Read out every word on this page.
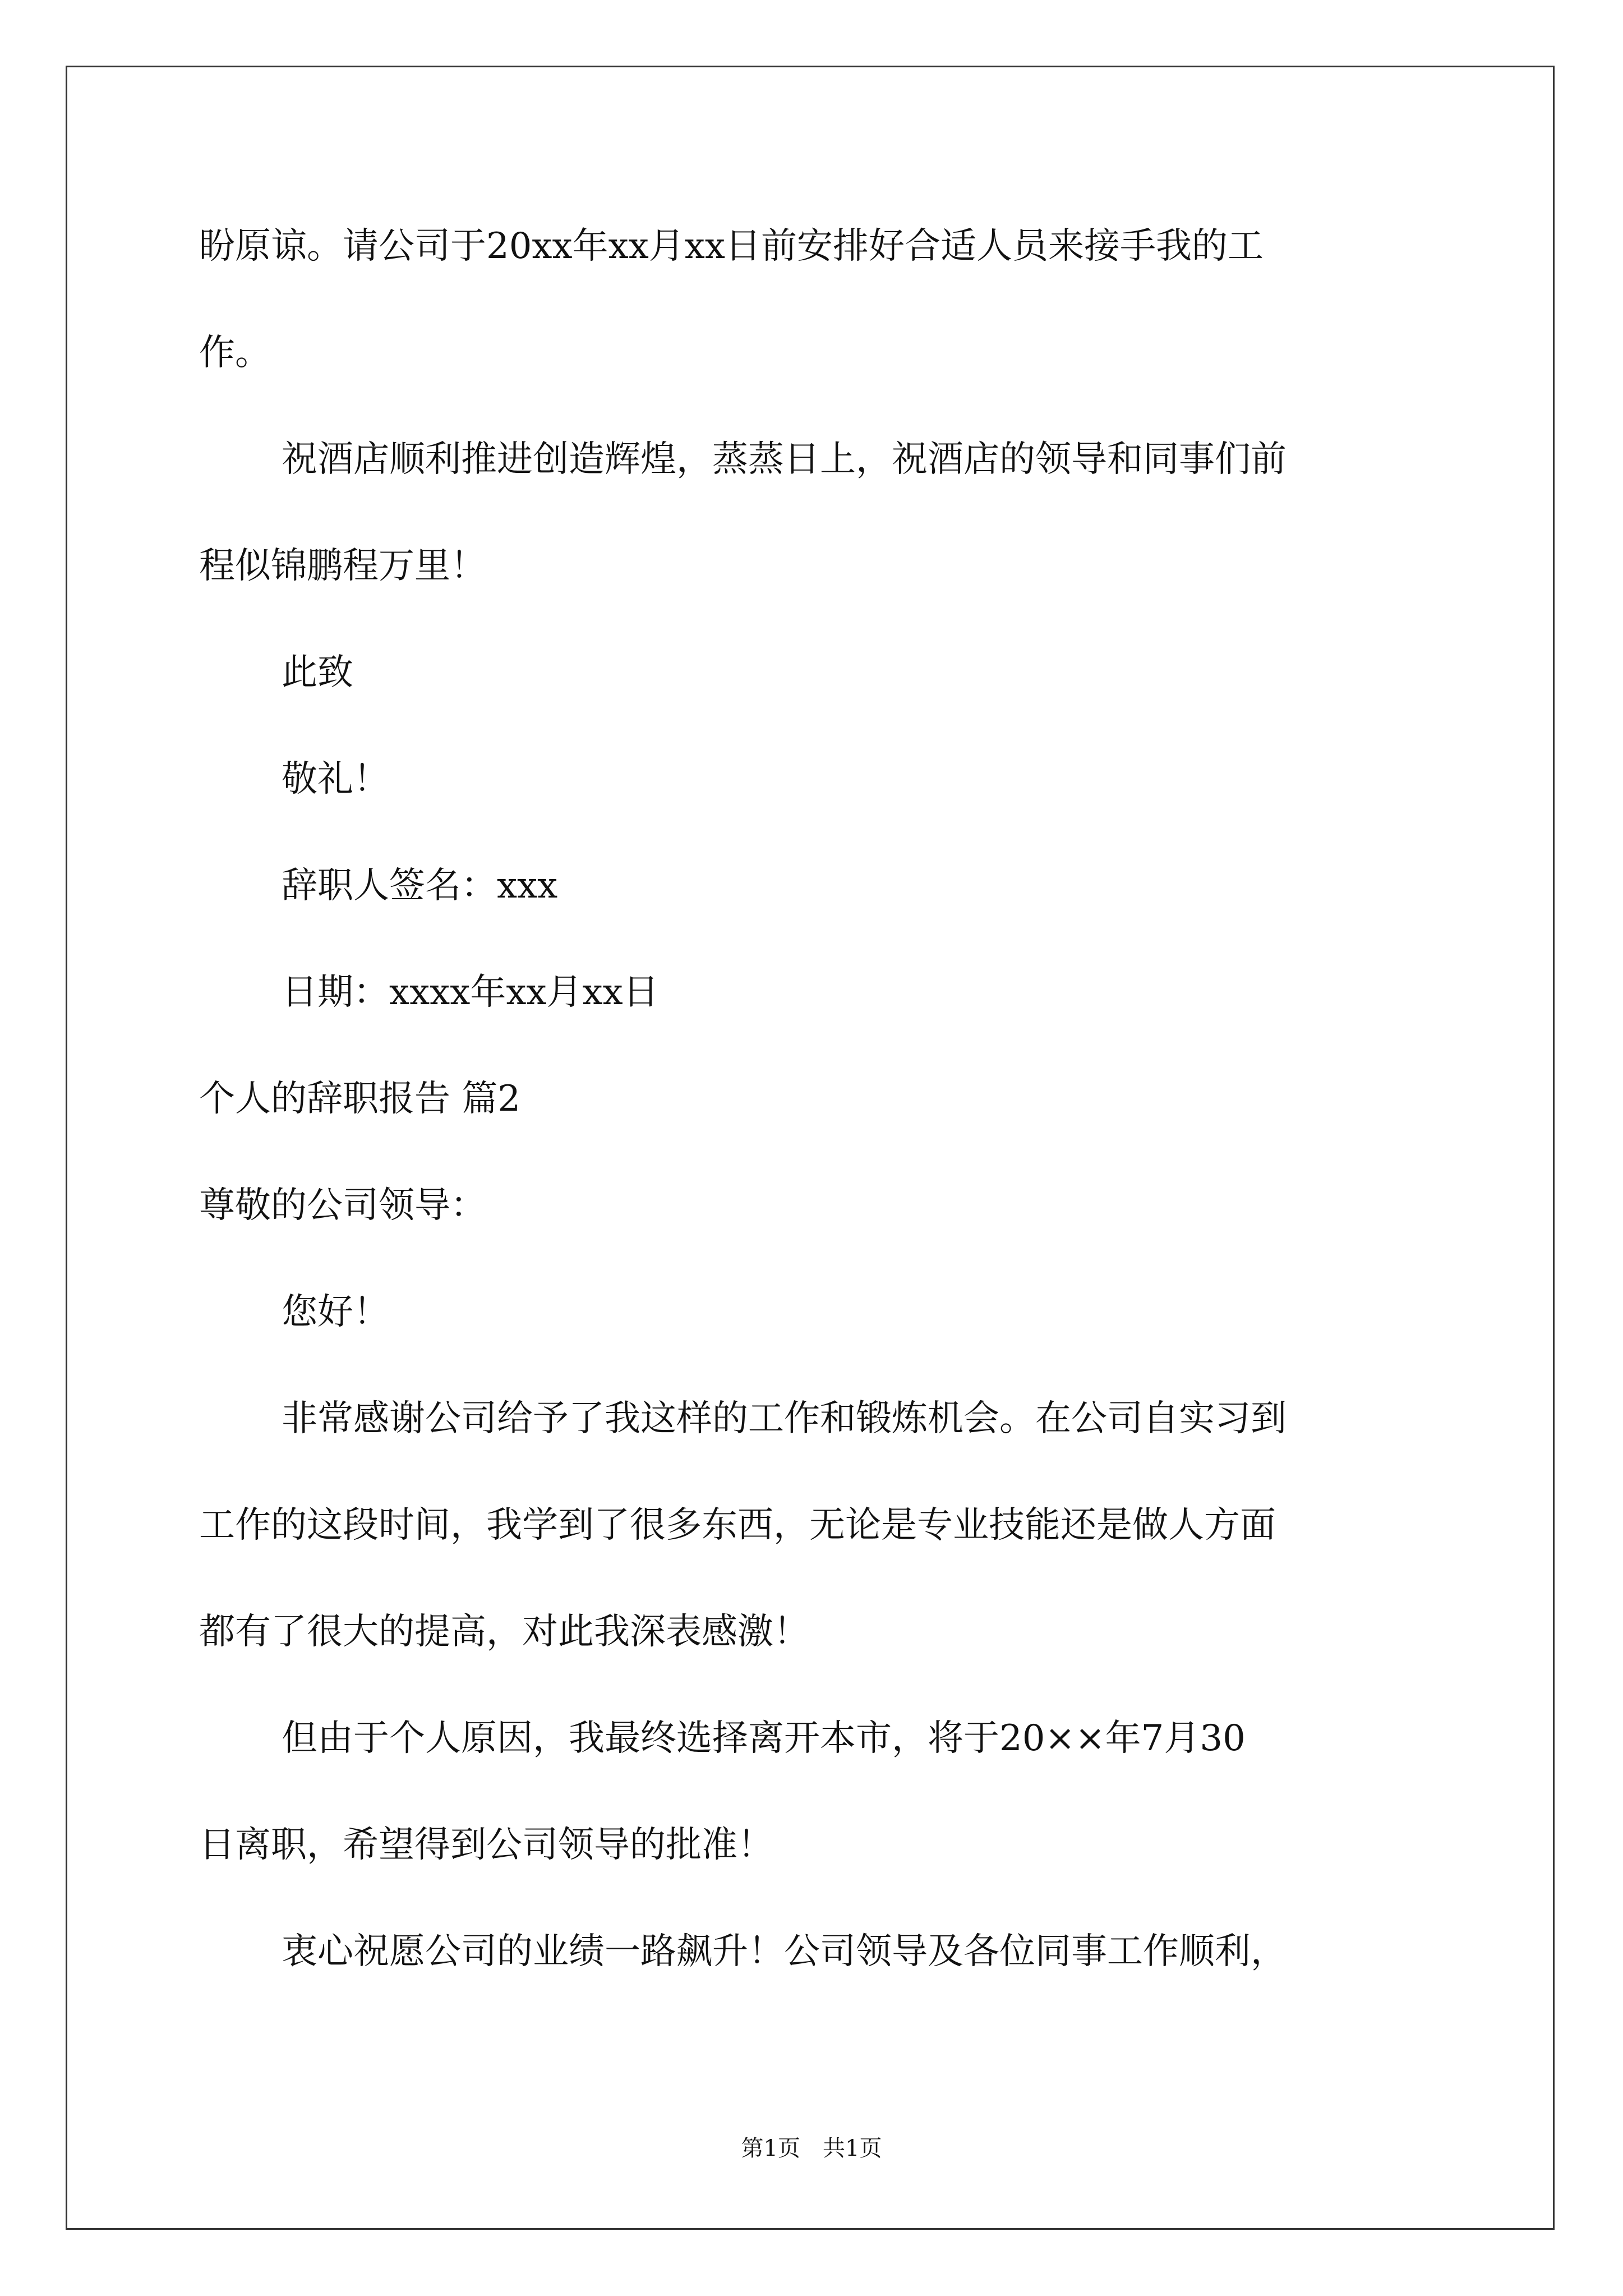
盼原谅。请公司于20xx年xx月xx日前安排好合适人员来接手我的工
作。
祝酒店顺利推进创造辉煌，蒸蒸日上，祝酒店的领导和同事们前
程似锦鹏程万里！
此致
敬礼！
辞职人签名：xxx
日期：xxxx年xx月xx日
个人的辞职报告 篇2
尊敬的公司领导：
您好！
非常感谢公司给予了我这样的工作和锻炼机会。在公司自实习到
工作的这段时间，我学到了很多东西，无论是专业技能还是做人方面
都有了很大的提高，对此我深表感激！
但由于个人原因，我最终选择离开本市，将于20××年7月30
日离职，希望得到公司领导的批准！
衷心祝愿公司的业绩一路飙升！公司领导及各位同事工作顺利，
第1页　共1页
